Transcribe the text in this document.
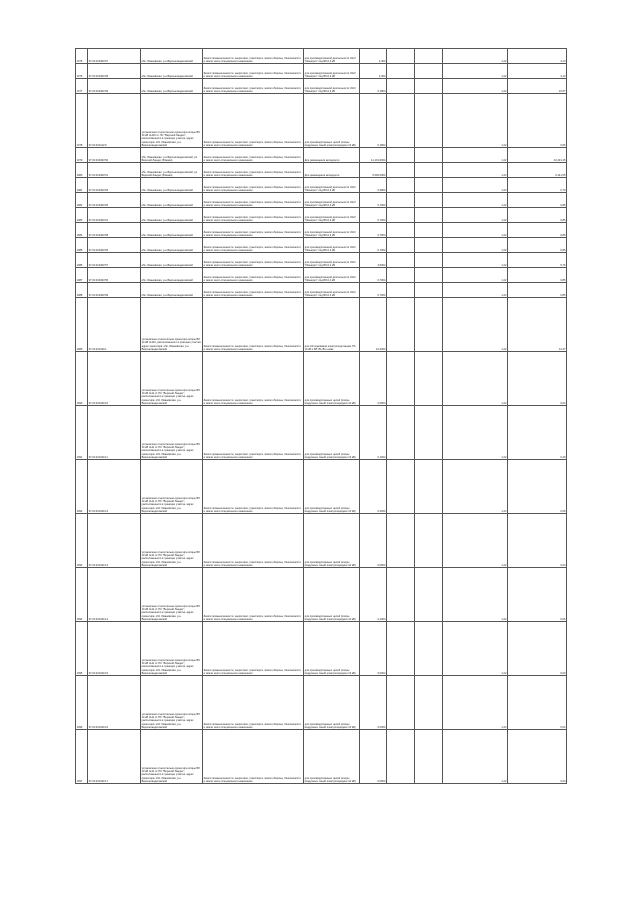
1075	37:01:010403:67	обл. Ивановская, р-н Верхнеландеховский	Земли промышленности, энергетики, транспорта, земли обороны, безопасности и земли иного специального назначения	для производственной деятельности ОАО "Ивэнерго" под ВЛ-0,4 кВ	2,404			1,22	4,13
1076	37:01:010403:68	обл. Ивановская, р-н Верхнеландеховский	Земли промышленности, энергетики, транспорта, земли обороны, безопасности и земли иного специального назначения	для производственной деятельности ОАО "Ивэнерго" под ВЛ-0,4 кВ	2,404			1,22	4,13
1077	37:01:010403:69	обл. Ивановская, р-н Верхнеландеховский	Земли промышленности, энергетики, транспорта, земли обороны, безопасности и земли иного специального назначения	для производственной деятельности ОАО "Ивэнерго" под ВЛ-0,4 кВ	0,1804			1,22	10,57
1078	37:01:010412:9	установлено относительно ориентира опоры ВЛ 10 кВ №115 от ПС "Верхний Ландех", расположенного в границах участка. адрес ориентира: обл. Ивановская, р-н Верхнеландеховский	Земли промышленности, энергетики, транспорта, земли обороны, безопасности и земли иного специального назначения	для производственных целей (опоры воздушных линий электропередачи 10 кВ)	0,1804			1,22	0,66
1079	37:01:010403:50	обл. Ивановская, р-н Верхнеландеховский, рп. Верхний Ландех (Южная)	Земли промышленности, энергетики, транспорта, земли обороны, безопасности и земли иного специального назначения	Для размещения автодороги	11,101,0004			1,22	10,431,15
1080	37:01:010403:51	обл. Ивановская, р-н Верхнеландеховский, рп. Верхний Ландех (Южная)	Земли промышленности, энергетики, транспорта, земли обороны, безопасности и земли иного специального назначения	Для размещения автодороги	5,000,0004			1,22	6,141,55
1081	37:01:010403:65	обл. Ивановская, р-н Верхнеландеховский	Земли промышленности, энергетики, транспорта, земли обороны, безопасности и земли иного специального назначения	для производственной деятельности ОАО "Ивэнерго" под ВЛ-0,4 кВ	0,2804			1,22	0,70
1082	37:01:010403:66	обл. Ивановская, р-н Верхнеландеховский	Земли промышленности, энергетики, транспорта, земли обороны, безопасности и земли иного специального назначения	для производственной деятельности ОАО "Ивэнерго" под ВЛ-0,4 кВ	0,7004			1,22	0,85
1083	37:01:010403:61	обл. Ивановская, р-н Верхнеландеховский	Земли промышленности, энергетики, транспорта, земли обороны, безопасности и земли иного специального назначения	для производственной деятельности ОАО "Ивэнерго" под ВЛ-0,4 кВ	0,7004			1,22	0,85
1084	37:01:010403:58	обл. Ивановская, р-н Верхнеландеховский	Земли промышленности, энергетики, транспорта, земли обороны, безопасности и земли иного специального назначения	для производственной деятельности ОАО "Ивэнерго" под ВЛ-0,4 кВ	0,7004			1,22	0,85
1085	37:01:010403:56	обл. Ивановская, р-н Верхнеландеховский	Земли промышленности, энергетики, транспорта, земли обороны, безопасности и земли иного специального назначения	для производственной деятельности ОАО "Ивэнерго" под ВЛ-0,4 кВ	0,7004			1,22	0,85
1086	37:01:010403:57	обл. Ивановская, р-н Верхнеландеховский	Земли промышленности, энергетики, транспорта, земли обороны, безопасности и земли иного специального назначения	для производственной деятельности ОАО "Ивэнерго" под ВЛ-0,4 кВ	4,5004			1,22	5,76
1087	37:01:010403:55	обл. Ивановская, р-н Верхнеландеховский	Земли промышленности, энергетики, транспорта, земли обороны, безопасности и земли иного специального назначения	для производственной деятельности ОАО "Ивэнерго" под ВЛ-0,4 кВ	0,7004			1,22	0,85
1088	37:01:010403:59	обл. Ивановская, р-н Верхнеландеховский	Земли промышленности, энергетики, транспорта, земли обороны, безопасности и земли иного специального назначения	для производственной деятельности ОАО "Ивэнерго" под ВЛ-0,4 кВ	0,7004			1,22	0,85
1089	37:01:010444:1	установлено относительно ориентира опоры ВЛ 10 кВ №110, расположенного в границах участка. адрес ориентира: обл. Ивановская, р-н Верхнеландеховский	Земли промышленности, энергетики, транспорта, земли обороны, безопасности и земли иного специального назначения	для обслуживания электроподстанции ПС 10 кВ и ВЛ 35 кВ и ниже	10,2004			1,22	12,37
1090	37:01:010444:10	установлено относительно ориентира опоры ВЛ 10 кВ №11 от ПС "Верхний Ландех", расположенного в границах участка. адрес ориентира: обл. Ивановская, р-н Верхнеландеховский	Земли промышленности, энергетики, транспорта, земли обороны, безопасности и земли иного специального назначения	для производственных целей (опоры воздушных линий электропередачи 10 кВ)	0,0504			1,22	0,04
1091	37:01:010444:11	установлено относительно ориентира опоры ВЛ 10 кВ №11 от ПС "Верхний Ландех", расположенного в границах участка. адрес ориентира: обл. Ивановская, р-н Верхнеландеховский	Земли промышленности, энергетики, транспорта, земли обороны, безопасности и земли иного специального назначения	для производственных целей (опоры воздушных линий электропередачи 10 кВ)	0,1004			1,22	0,49
1092	37:01:010444:12	установлено относительно ориентира опоры ВЛ 10 кВ №11 от ПС "Верхний Ландех", расположенного в границах участка. адрес ориентира: обл. Ивановская, р-н Верхнеландеховский	Земли промышленности, энергетики, транспорта, земли обороны, безопасности и земли иного специального назначения	для производственных целей (опоры воздушных линий электропередачи 10 кВ)	0,4004			1,22	0,06
1093	37:01:010444:13	установлено относительно ориентира опоры ВЛ 10 кВ №11 от ПС "Верхний Ландех", расположенного в границах участка. адрес ориентира: обл. Ивановская, р-н Верхнеландеховский	Земли промышленности, энергетики, транспорта, земли обороны, безопасности и земли иного специального назначения	для производственных целей (опоры воздушных линий электропередачи 10 кВ)	0,0504			1,22	0,04
1094	37:01:010444:14	установлено относительно ориентира опоры ВЛ 10 кВ №11 от ПС "Верхний Ландех", расположенного в границах участка. адрес ориентира: обл. Ивановская, р-н Верхнеландеховский	Земли промышленности, энергетики, транспорта, земли обороны, безопасности и земли иного специального назначения	для производственных целей (опоры воздушных линий электропередачи 10 кВ)	0,1004			1,22	0,06
1095	37:01:010444:15	установлено относительно ориентира опоры ВЛ 10 кВ №11 от ПС "Верхний Ландех", расположенного в границах участка. адрес ориентира: обл. Ивановская, р-н Верхнеландеховский	Земли промышленности, энергетики, транспорта, земли обороны, безопасности и земли иного специального назначения	для производственных целей (опоры воздушных линий электропередачи 10 кВ)	0,0004			1,22	0,00
1096	37:01:010444:16	установлено относительно ориентира опоры ВЛ 10 кВ №11 от ПС "Верхний Ландех", расположенного в границах участка. адрес ориентира: обл. Ивановская, р-н Верхнеландеховский	Земли промышленности, энергетики, транспорта, земли обороны, безопасности и земли иного специального назначения	для производственных целей (опоры воздушных линий электропередачи 10 кВ)	0,0004			1,22	0,04
1097	37:01:010444:17	установлено относительно ориентира опоры ВЛ 10 кВ №11 от ПС "Верхний Ландех", расположенного в границах участка. адрес ориентира: обл. Ивановская, р-н Верхнеландеховский	Земли промышленности, энергетики, транспорта, земли обороны, безопасности и земли иного специального назначения	для производственных целей (опоры воздушных линий электропередачи 10 кВ)	0,0504			1,22	0,04
